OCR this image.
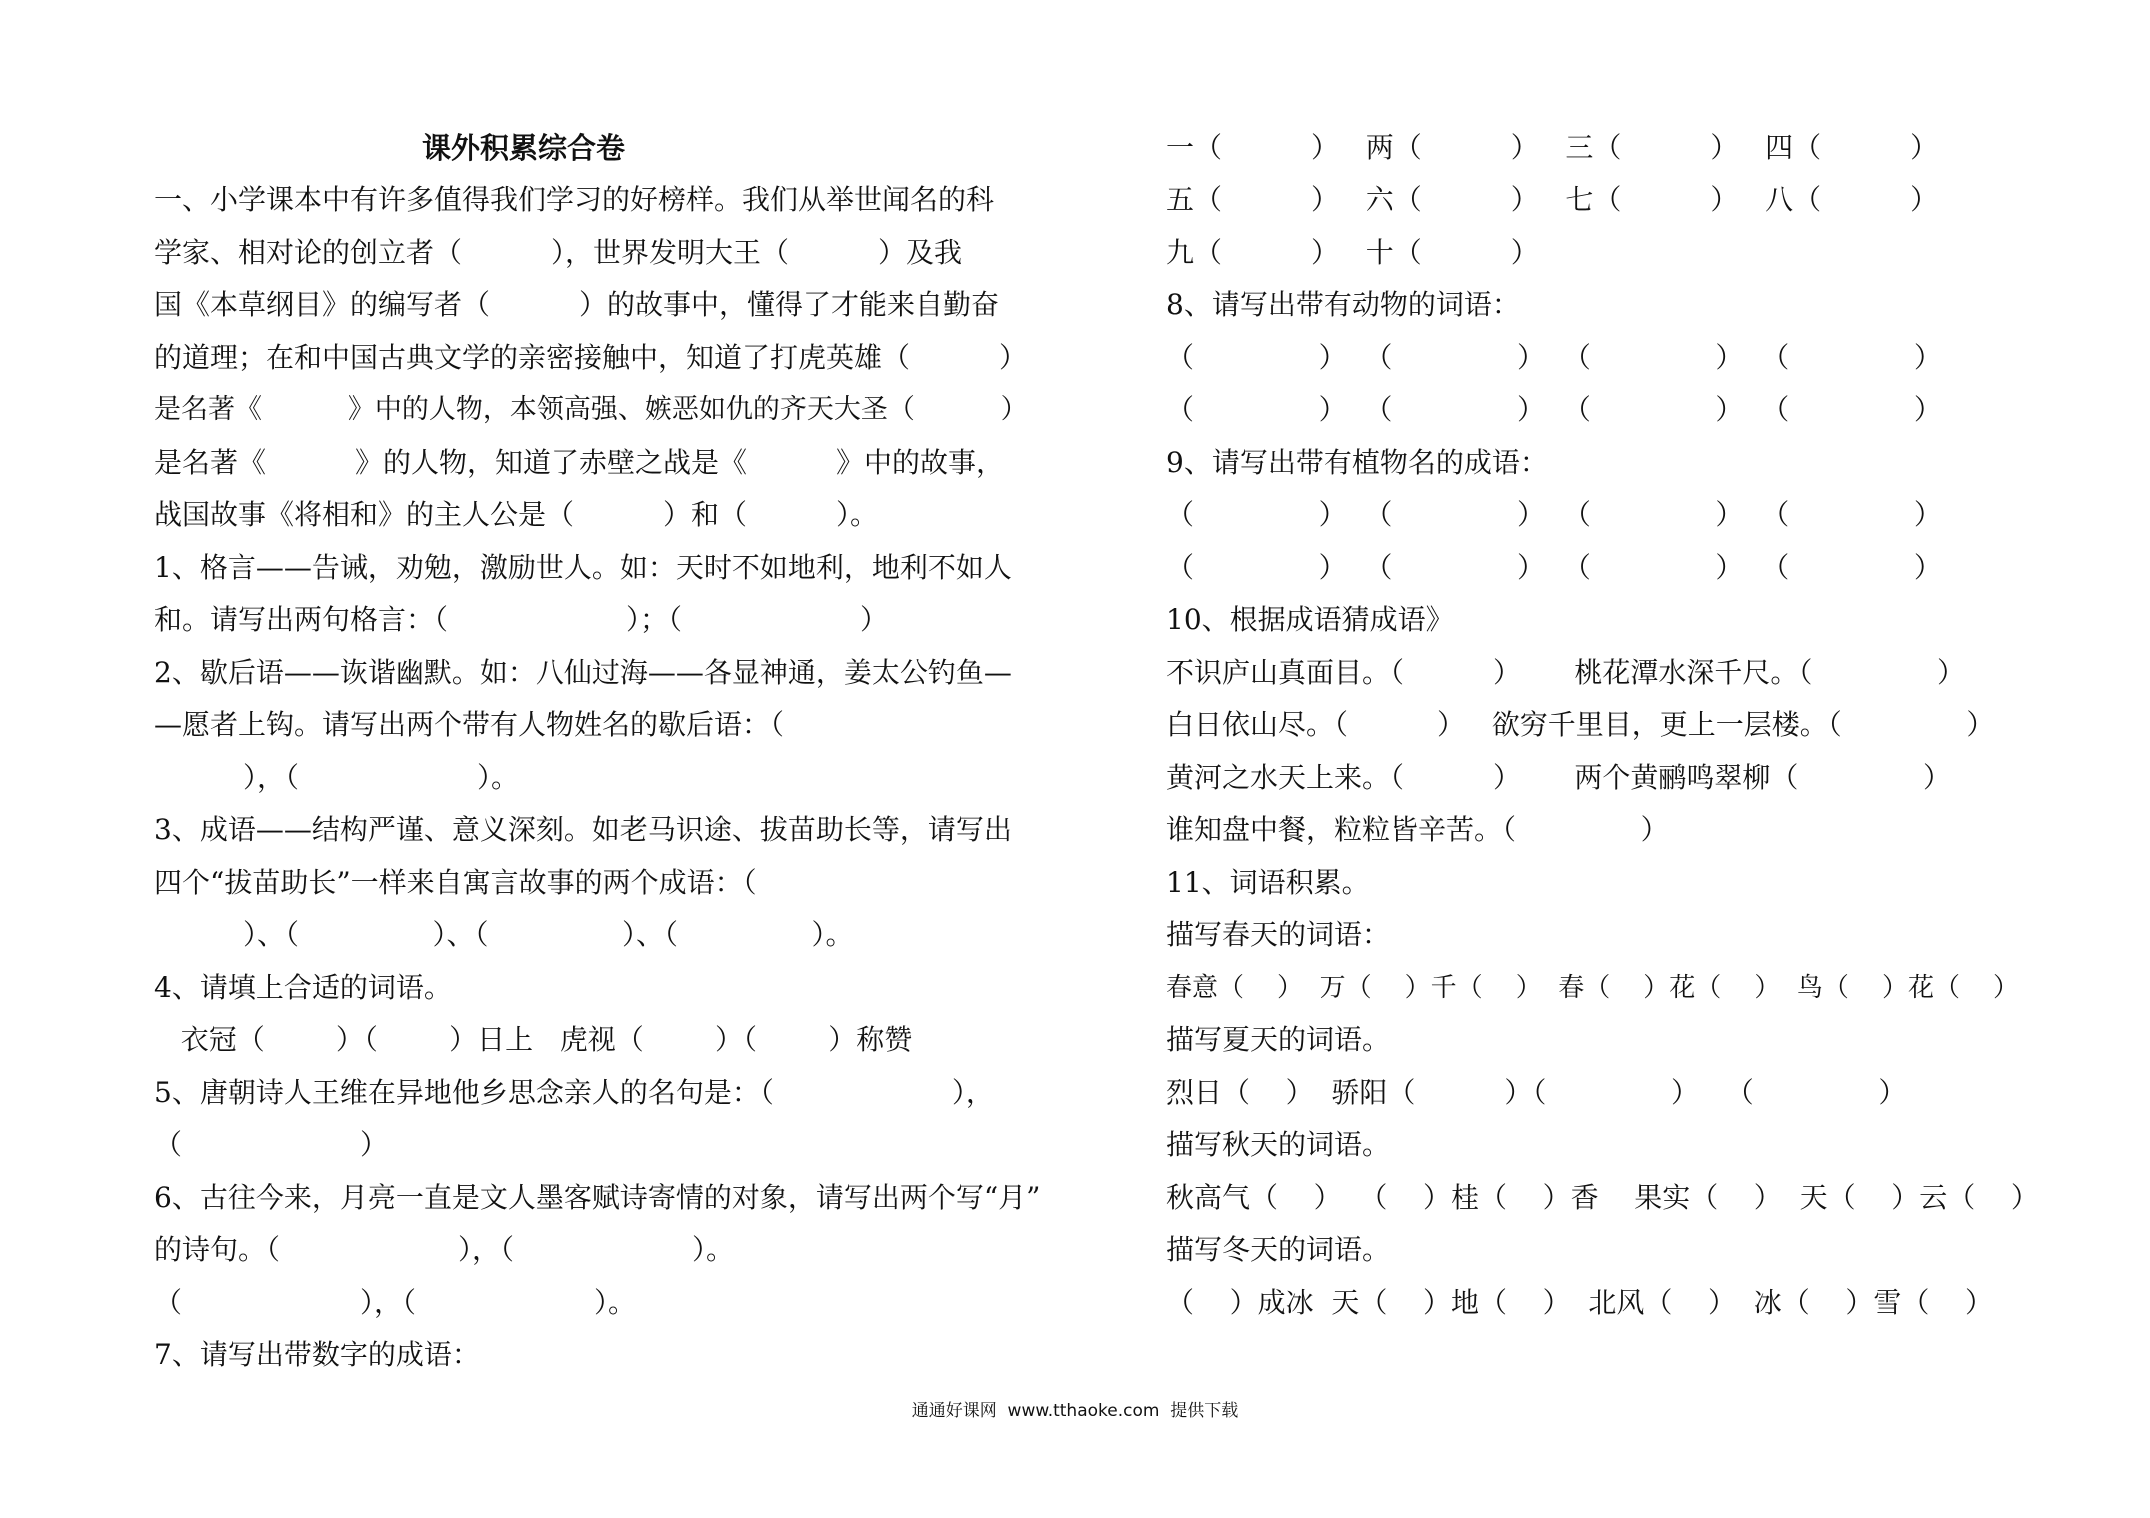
课外积累综合卷
一、小学课本中有许多值得我们学习的好榜样。我们从举世闻名的科
学家、相对论的创立者（          ），世界发明大王（          ）及我
国《本草纲目》的编写者（          ）的故事中，懂得了才能来自勤奋
的道理；在和中国古典文学的亲密接触中，知道了打虎英雄（          ）
是名著《          》中的人物，本领高强、嫉恶如仇的齐天大圣（          ）
是名著《          》的人物，知道了赤壁之战是《          》中的故事，
战国故事《将相和》的主人公是（          ）和（          ）。
1、格言——告诫，劝勉，激励世人。如：天时不如地利，地利不如人
和。请写出两句格言：（                    ）；（                    ）
2、歇后语——诙谐幽默。如：八仙过海——各显神通，姜太公钓鱼—
—愿者上钩。请写出两个带有人物姓名的歇后语：（
），（                    ）。
3、成语——结构严谨、意义深刻。如老马识途、拔苗助长等，请写出
四个“拔苗助长”一样来自寓言故事的两个成语：（
）、（               ）、（               ）、（               ）。
4、请填上合适的词语。
衣冠（        ）（        ）日上   虎视（        ）（        ）称赞
5、唐朝诗人王维在异地他乡思念亲人的名句是：（                    ），
（                    ）
6、古往今来，月亮一直是文人墨客赋诗寄情的对象，请写出两个写“月”
的诗句。（                    ），（                    ）。
（                    ），（                    ）。
7、请写出带数字的成语：
一（          ）   两（          ）   三（          ）   四（          ）
五（          ）   六（          ）   七（          ）   八（          ）
九（          ）   十（          ）
8、请写出带有动物的词语：
（              ）  （              ）  （              ）  （              ）
（              ）  （              ）  （              ）  （              ）
9、请写出带有植物名的成语：
（              ）  （              ）  （              ）  （              ）
（              ）  （              ）  （              ）  （              ）
10、根据成语猜成语》
不识庐山真面目。（          ）      桃花潭水深千尺。（              ）
白日依山尽。（          ）   欲穷千里目，更上一层楼。（              ）
黄河之水天上来。（          ）      两个黄鹂鸣翠柳（              ）
谁知盘中餐，粒粒皆辛苦。（              ）
11、词语积累。
描写春天的词语：
春意（    ）  万（    ）千（    ）  春（    ）花（    ）  鸟（    ）花（    ）
描写夏天的词语。
烈日（    ）  骄阳（          ）（              ）   （              ）
描写秋天的词语。
秋高气（    ）  （    ）桂（    ）香    果实（    ）  天（    ）云（    ）
描写冬天的词语。
（    ）成冰  天（    ）地（    ）  北风（    ）  冰（    ）雪（    ）
通通好课网  www.tthaoke.com  提供下载
